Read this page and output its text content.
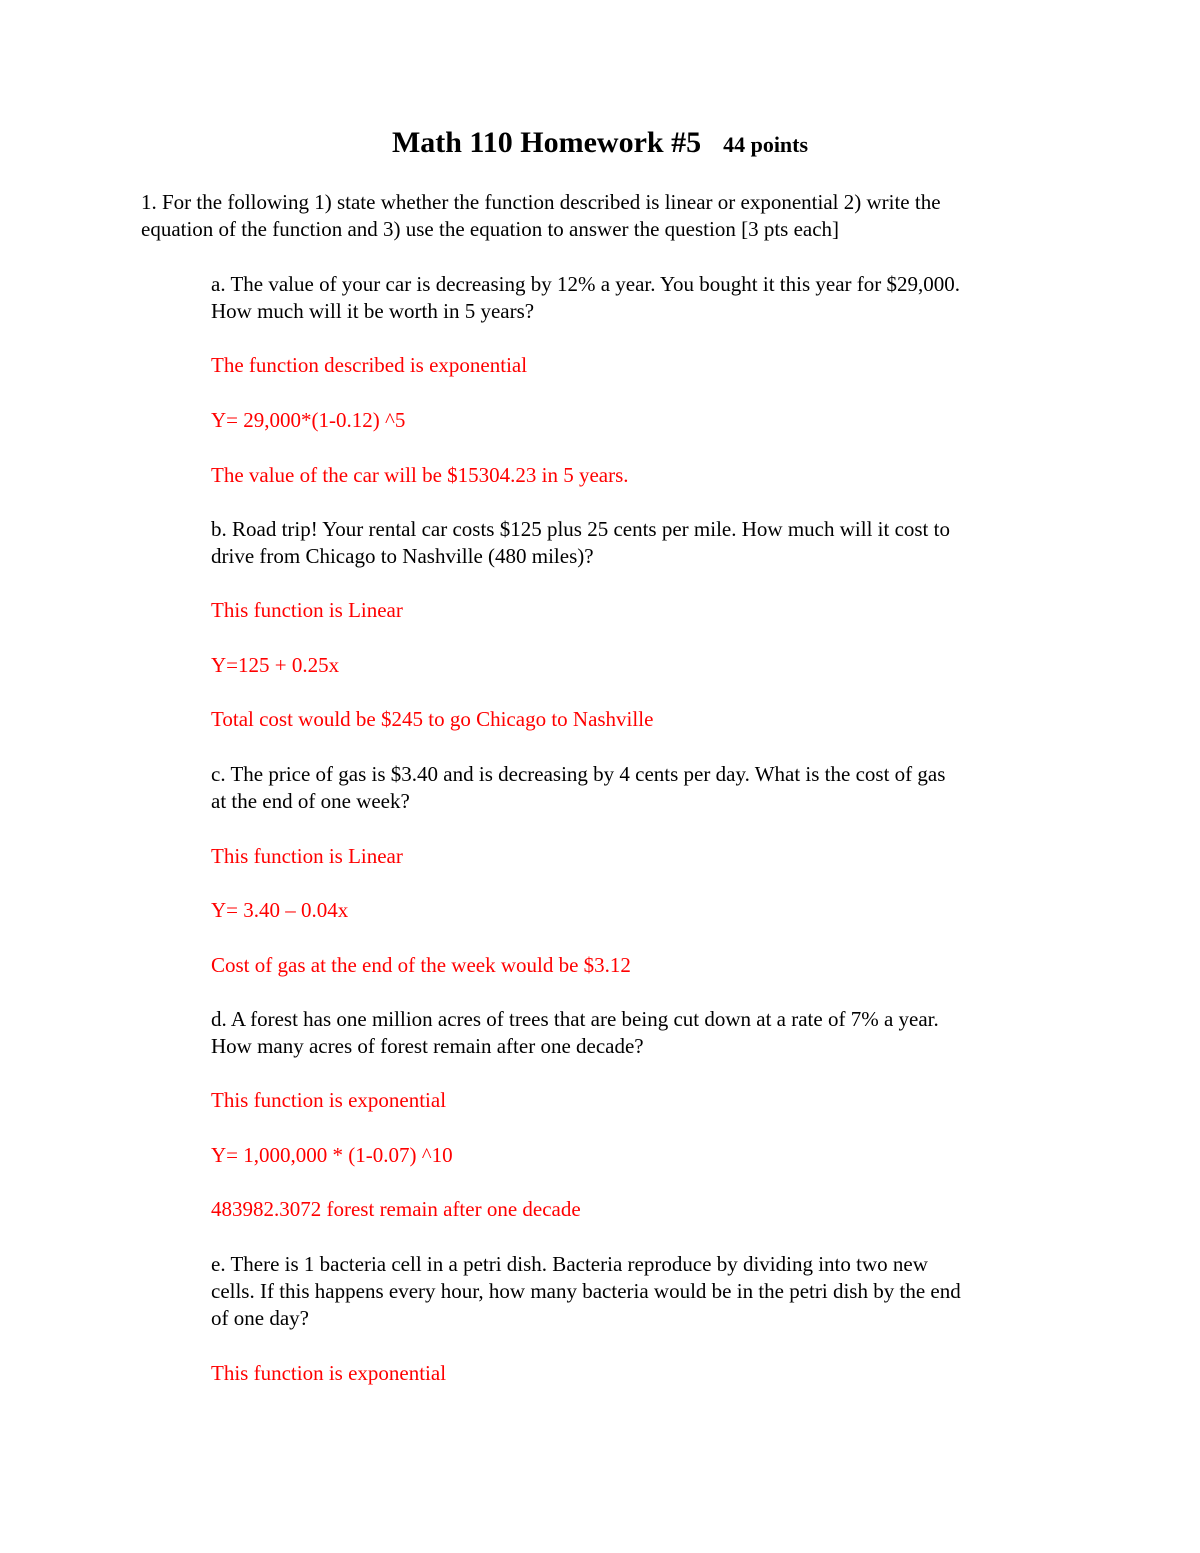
Math 110 Homework #5 44 points
1. For the following 1) state whether the function described is linear or exponential 2) write the
equation of the function and 3) use the equation to answer the question [3 pts each]
a. The value of your car is decreasing by 12% a year. You bought it this year for $29,000.
How much will it be worth in 5 years?
The function described is exponential
Y= 29,000*(1-0.12) ^5
The value of the car will be $15304.23 in 5 years.
b. Road trip! Your rental car costs $125 plus 25 cents per mile. How much will it cost to
drive from Chicago to Nashville (480 miles)?
This function is Linear
Y=125 + 0.25x
Total cost would be $245 to go Chicago to Nashville
c. The price of gas is $3.40 and is decreasing by 4 cents per day. What is the cost of gas
at the end of one week?
This function is Linear
Y= 3.40 – 0.04x
Cost of gas at the end of the week would be $3.12
d. A forest has one million acres of trees that are being cut down at a rate of 7% a year.
How many acres of forest remain after one decade?
This function is exponential
Y= 1,000,000 * (1-0.07) ^10
483982.3072 forest remain after one decade
e. There is 1 bacteria cell in a petri dish. Bacteria reproduce by dividing into two new
cells. If this happens every hour, how many bacteria would be in the petri dish by the end
of one day?
This function is exponential
